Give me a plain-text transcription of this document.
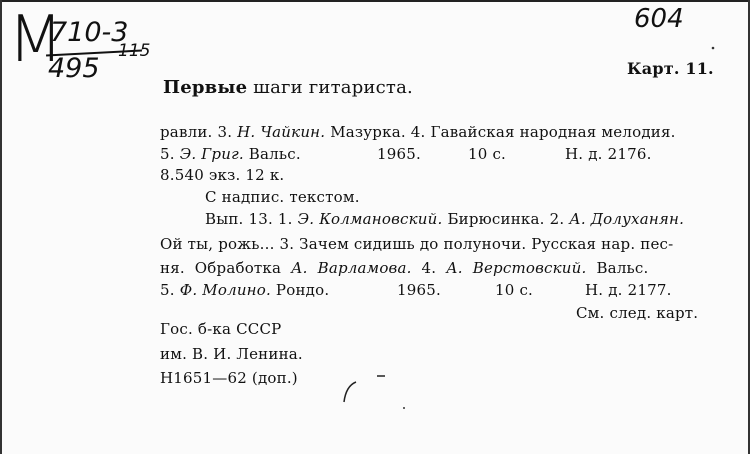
М
710-3
495
115
604
Карт. 11.
Первые шаги гитариста.
равли. 3. Н. Чайкин. Мазурка. 4. Гавайская народная мелодия.
5. Э. Григ. Вальс.	1965.	10 с.	Н. д. 2176.
8.540 экз. 12 к.
С надпис. текстом.
Вып. 13. 1. Э. Колмановский. Бирюсинка. 2. А. Долуханян.
Ой ты, рожь... 3. Зачем сидишь до полуночи. Русская нар. пес-
ня. Обработка А. Варламова. 4. А. Верстовский. Вальс.
5. Ф. Молино. Рондо.	1965.	10 с.	Н. д. 2177.
См. след. карт.
Гос. б-ка СССР
им. В. И. Ленина.
Н1651—62 (доп.)
